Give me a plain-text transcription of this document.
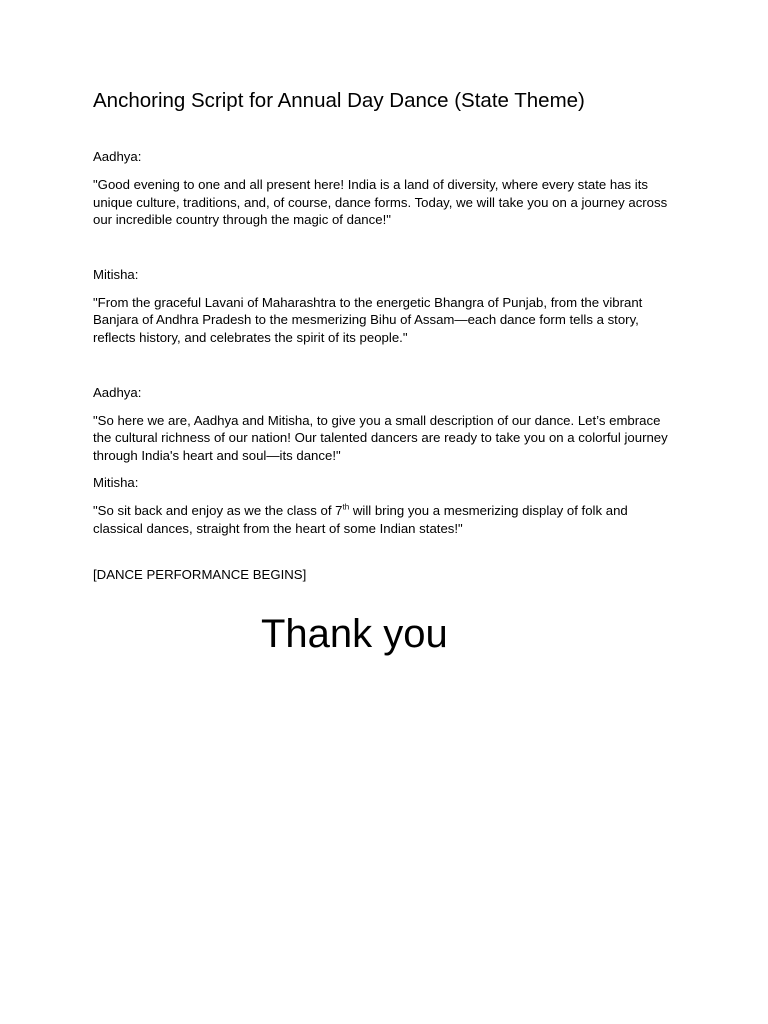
Anchoring Script for Annual Day Dance (State Theme)

Aadhya:

"Good evening to one and all present here! India is a land of diversity, where every state has its unique culture, traditions, and, of course, dance forms. Today, we will take you on a journey across our incredible country through the magic of dance!"

Mitisha:

"From the graceful Lavani of Maharashtra to the energetic Bhangra of Punjab, from the vibrant Banjara of Andhra Pradesh to the mesmerizing Bihu of Assam—each dance form tells a story, reflects history, and celebrates the spirit of its people."

Aadhya:

"So here we are, Aadhya and Mitisha, to give you a small description of our dance. Let’s embrace the cultural richness of our nation! Our talented dancers are ready to take you on a colorful journey through India's heart and soul—its dance!"

Mitisha:

"So sit back and enjoy as we the class of 7th will bring you a mesmerizing display of folk and classical dances, straight from the heart of some Indian states!"

[DANCE PERFORMANCE BEGINS]

Thank you
